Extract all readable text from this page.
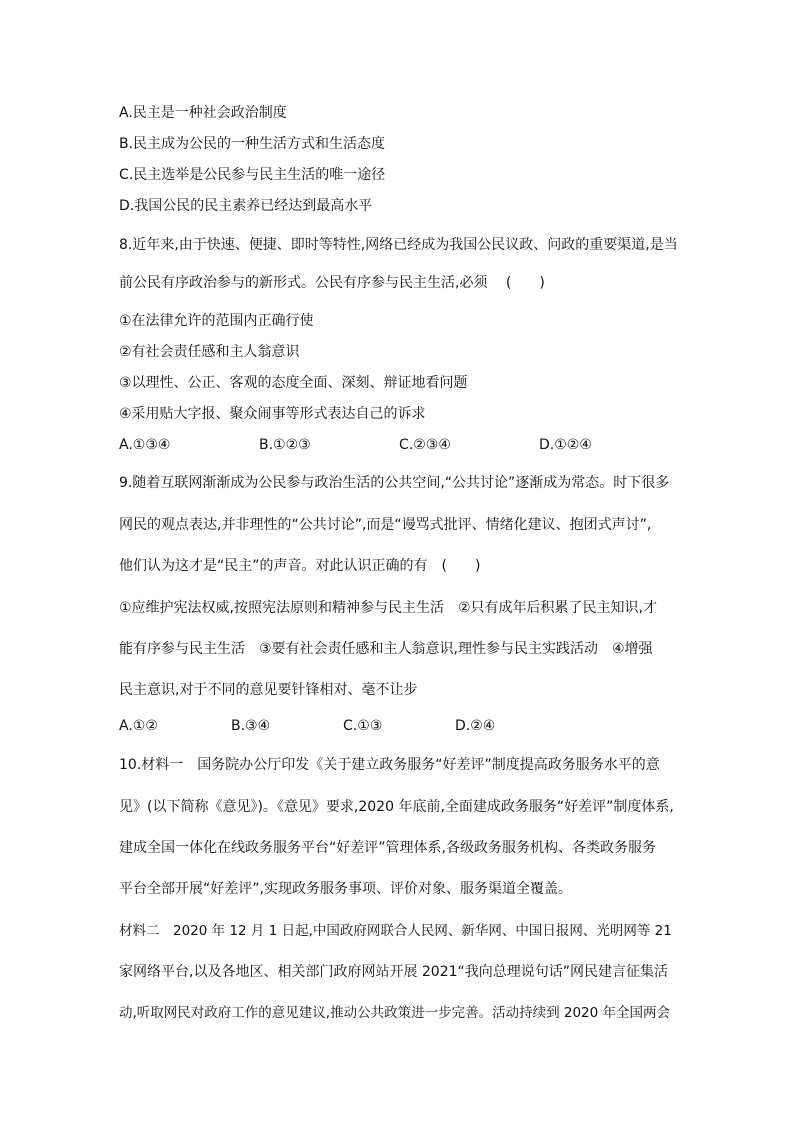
A.民主是一种社会政治制度
B.民主成为公民的一种生活方式和生活态度
C.民主选举是公民参与民主生活的唯一途径
D.我国公民的民主素养已经达到最高水平
8.近年来,由于快速、便捷、即时等特性,网络已经成为我国公民议政、问政的重要渠道,是当
前公民有序政治参与的新形式。公民有序参与民主生活,必须　 (　　)
①在法律允许的范围内正确行使
②有社会责任感和主人翁意识
③以理性、公正、客观的态度全面、深刻、辩证地看问题
④采用贴大字报、聚众闹事等形式表达自己的诉求
A.①③④	B.①②③	C.②③④	D.①②④
9.随着互联网渐渐成为公民参与政治生活的公共空间,“公共讨论”逐渐成为常态。时下很多
网民的观点表达,并非理性的“公共讨论”,而是“谩骂式批评、情绪化建议、抱团式声讨”,
他们认为这才是“民主”的声音。对此认识正确的有　(　　)
①应维护宪法权威,按照宪法原则和精神参与民主生活　②只有成年后积累了民主知识,才
能有序参与民主生活　③要有社会责任感和主人翁意识,理性参与民主实践活动　④增强
民主意识,对于不同的意见要针锋相对、毫不让步
A.①②	B.③④	C.①③	D.②④
10.材料一　国务院办公厅印发《关于建立政务服务“好差评”制度提高政务服务水平的意
见》(以下简称《意见》)。《意见》要求,2020 年底前,全面建成政务服务“好差评”制度体系,
建成全国一体化在线政务服务平台“好差评”管理体系,各级政务服务机构、各类政务服务
平台全部开展“好差评”,实现政务服务事项、评价对象、服务渠道全覆盖。
材料二　2020 年 12 月 1 日起,中国政府网联合人民网、新华网、中国日报网、光明网等 21
家网络平台,以及各地区、相关部门政府网站开展 2021“我向总理说句话”网民建言征集活
动,听取网民对政府工作的意见建议,推动公共政策进一步完善。活动持续到 2020 年全国两会
